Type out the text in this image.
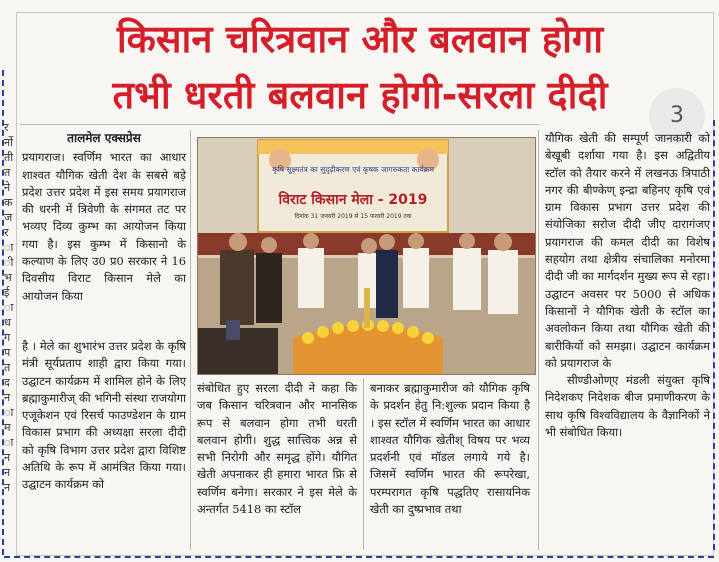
र
र्नो
ती
त
ने
क
ज
र
ा
ी
भ
ई
ा
ध
ग
प
त
द
न
ा
म
ा
न
न
न
किसान चरित्रवान और बलवान होगा
तभी धरती बलवान होगी-सरला दीदी	3
तालमेल एक्सप्रेस

प्रयागराज। स्वर्णिम भारत का आधार शाश्वत यौगिक खेती देश के सबसे बड़े प्रदेश उत्तर प्रदेश में इस समय प्रयागराज की धरनी में त्रिवेणी के संगमत तट पर भव्यए दिव्य कुम्भ का आयोजन किया गया है। इस कुम्भ में किसानो के कल्याण के लिए उ0 प्र0 सरकार ने 16 दिवसीय विराट किसान मेले का आयोजन किया

है । मेले का शुभारंभ उत्तर प्रदेश के कृषि मंत्री सूर्यप्रताप शाही द्वारा किया गया। उद्घाटन कार्यक्रम में शामिल होने के लिए ब्रह्माकुमारीज् की भगिनी संस्था राजयोगा एजूकेशन एवं रिसर्च फाउण्डेशन के ग्राम विकास प्रभाग की अध्यक्षा सरला दीदी को कृषि विभाग उत्तर प्रदेश द्वारा विशिष्ट अतिथि के रूप में आमंत्रित किया गया। उद्घाटन कार्यक्रम को

कृषि सूक्ष्मतंत्र का सुदृढ़ीकरण एवं कृषक जागरुकता कार्यक्रम
विराट किसान मेला - 2019
दिनांक 31 जनवरी 2019 से 15 फरवरी 2019 तक

संबोधित हुए सरला दीदी ने कहा कि जब किसान चरित्रवान और मानसिक रूप से बलवान होगा तभी धरती बलवान होगी। शुद्ध सात्त्विक अन्न से सभी निरोगी और समृद्ध होंगे। यौगित खेती अपनाकर ही हमारा भारत फ्रि से स्वर्णिम बनेगा। सरकार ने इस मेले के अन्तर्गत 5418 का स्टॉल

बनाकर ब्रह्माकुमारीज को यौगिक कृषि के प्रदर्शन हेतु नि:शुल्क प्रदान किया है । इस स्टॉल में स्वर्णिम भारत का आधार शाश्वत यौगिक खेतीश् विषय पर भव्य प्रदर्शनी एवं मॉडल लगाये गये है। जिसमें स्वर्णिम भारत की रूपरेखा, परम्परागत कृषि पद्धतिए रासायनिक खेती का दुष्प्रभाव तथा

यौगिक खेती की सम्पूर्ण जानकारी को बेखूबी दर्शाया गया है। इस अद्वितीय स्टॉल को तैयार करने में लखनऊ त्रिपाठी नगर की बीण्केण् इन्द्रा बहिनए कृषि एवं ग्राम विकास प्रभाग उत्तर प्रदेश की संयोजिका सरोज दीदी जीए दारागंजए प्रयागराज की कमल दीदी का विशेष सहयोग तथा क्षेत्रीय संचालिका मनोरमा दीदी जी का मार्गदर्शन मुख्य रूप से रहा। उद्घाटन अवसर पर 5000 से अधिक किसानों ने यौगिक खेती के स्टॉल का अवलोकन किया तथा यौगिक खेती की बारीकियों को समझा। उद्घाटन कार्यक्रम को प्रयागराज के

सीण्डीओण्ए मंडली संयुक्त कृषि निदेशकए निदेशक बीज प्रमाणीकरण के साथ कृषि विश्वविद्यालय के वैज्ञानिकों ने भी संबोधित किया।
